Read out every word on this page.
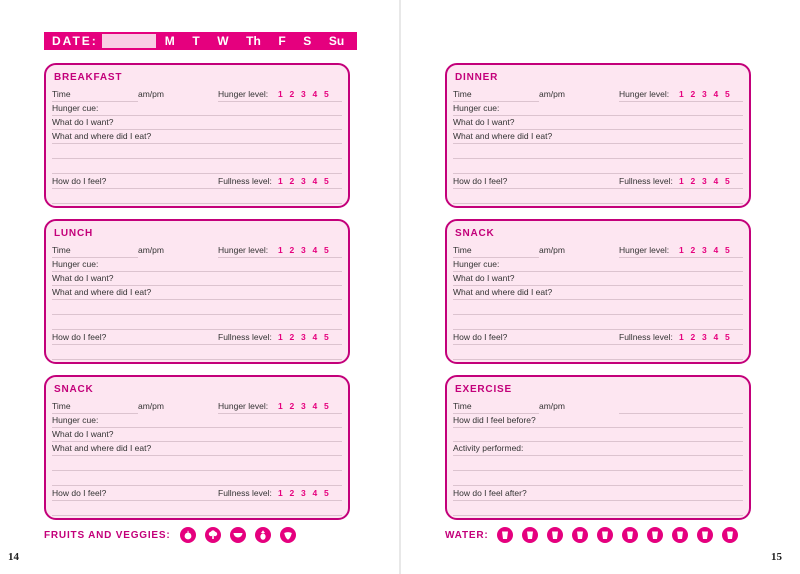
DATE:	M T W Th F S Su
BREAKFAST
Time	am/pm	Hunger level: 1 2 3 4 5
Hunger cue:
What do I want?
What and where did I eat?
How do I feel?	Fullness level: 1 2 3 4 5
LUNCH
Time	am/pm	Hunger level: 1 2 3 4 5
Hunger cue:
What do I want?
What and where did I eat?
How do I feel?	Fullness level: 1 2 3 4 5
SNACK
Time	am/pm	Hunger level: 1 2 3 4 5
Hunger cue:
What do I want?
What and where did I eat?
How do I feel?	Fullness level: 1 2 3 4 5
DINNER
Time	am/pm	Hunger level: 1 2 3 4 5
Hunger cue:
What do I want?
What and where did I eat?
How do I feel?	Fullness level: 1 2 3 4 5
SNACK
Time	am/pm	Hunger level: 1 2 3 4 5
Hunger cue:
What do I want?
What and where did I eat?
How do I feel?	Fullness level: 1 2 3 4 5
EXERCISE
Time	am/pm
How did I feel before?
Activity performed:
How do I feel after?
FRUITS AND VEGGIES:	WATER:
14	15
